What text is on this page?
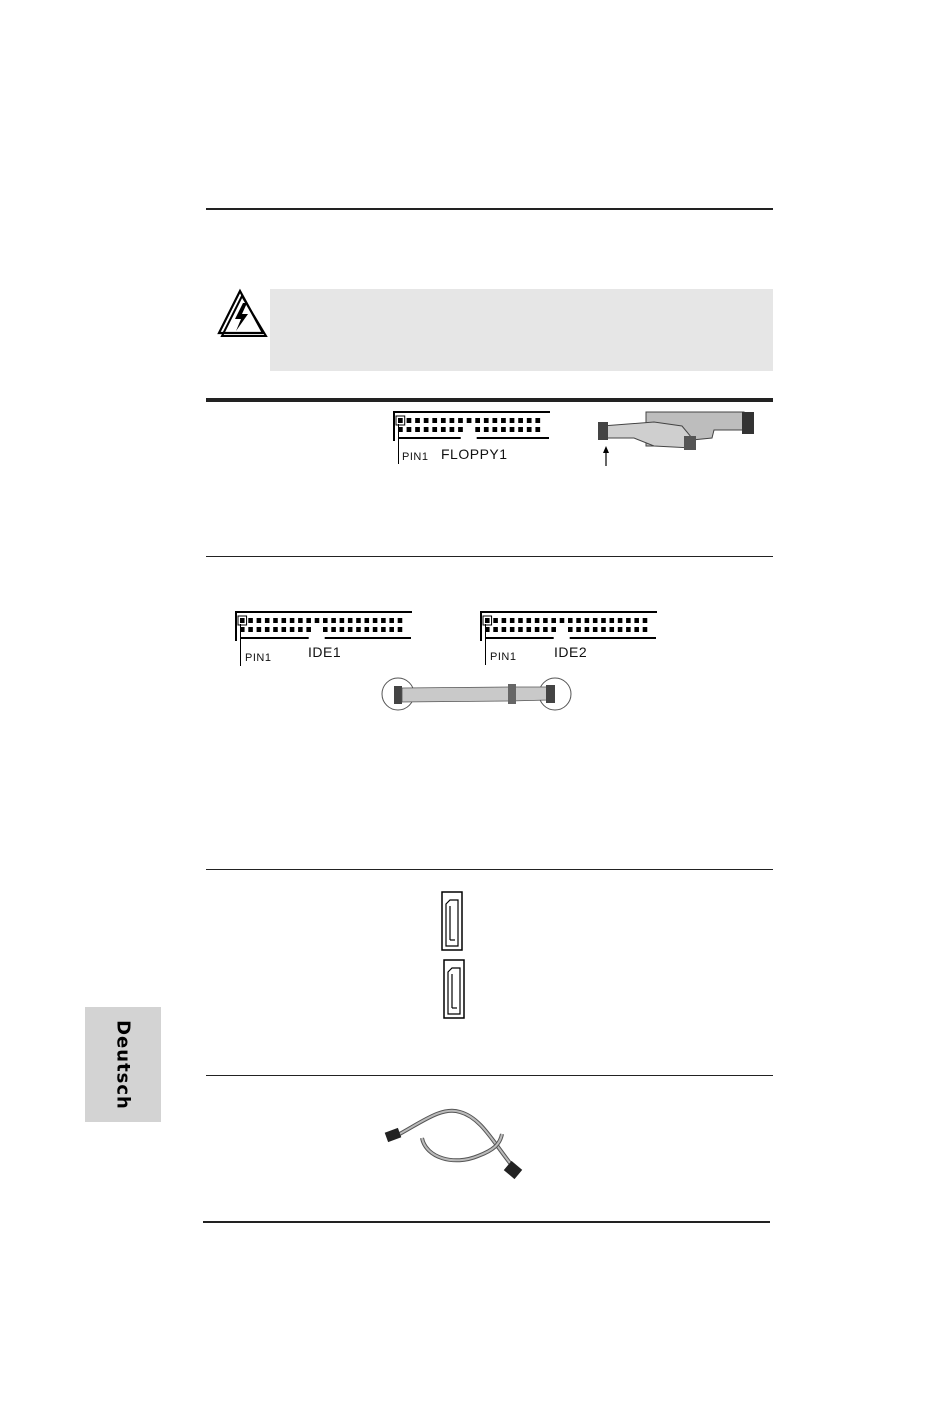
PIN1 FLOPPY1
PIN1	IDE1	PIN1	IDE2
Deutsch
